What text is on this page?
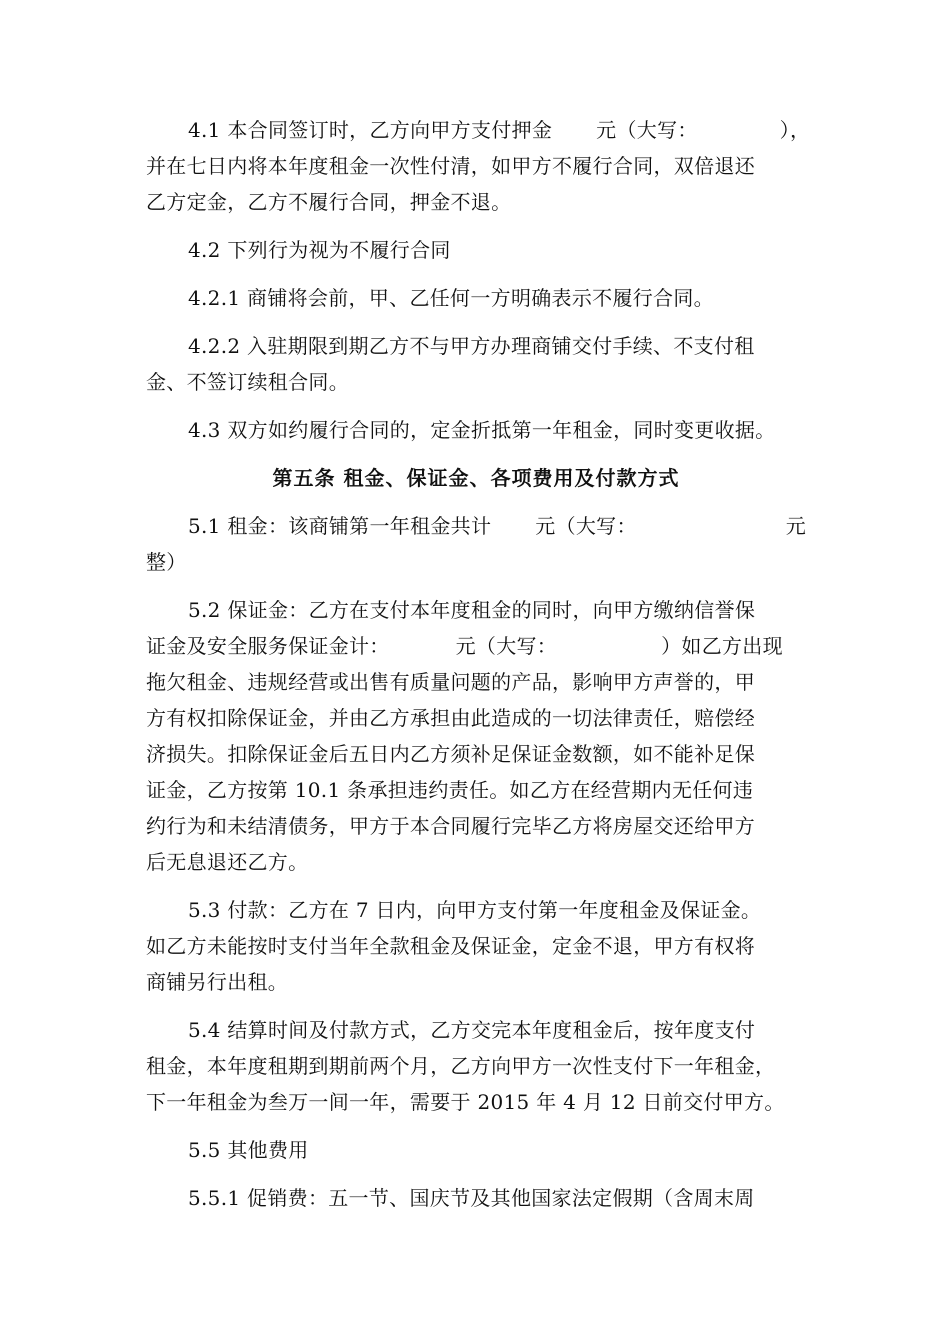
4.1 本合同签订时，乙方向甲方支付押金 元（大写：	），
并在七日内将本年度租金一次性付清，如甲方不履行合同，双倍退还
乙方定金，乙方不履行合同，押金不退。
4.2 下列行为视为不履行合同
4.2.1 商铺将会前，甲、乙任何一方明确表示不履行合同。
4.2.2 入驻期限到期乙方不与甲方办理商铺交付手续、不支付租
金、不签订续租合同。
4.3 双方如约履行合同的，定金折抵第一年租金，同时变更收据。
第五条 租金、保证金、各项费用及付款方式
5.1 租金：该商铺第一年租金共计 元（大写：	元
整）
5.2 保证金：乙方在支付本年度租金的同时，向甲方缴纳信誉保
证金及安全服务保证金计：	元（大写：	）如乙方出现
拖欠租金、违规经营或出售有质量问题的产品，影响甲方声誉的，甲
方有权扣除保证金，并由乙方承担由此造成的一切法律责任，赔偿经
济损失。扣除保证金后五日内乙方须补足保证金数额，如不能补足保
证金，乙方按第 10.1 条承担违约责任。如乙方在经营期内无任何违
约行为和未结清债务，甲方于本合同履行完毕乙方将房屋交还给甲方
后无息退还乙方。
5.3 付款：乙方在 7 日内，向甲方支付第一年度租金及保证金。
如乙方未能按时支付当年全款租金及保证金，定金不退，甲方有权将
商铺另行出租。
5.4 结算时间及付款方式，乙方交完本年度租金后，按年度支付
租金，本年度租期到期前两个月，乙方向甲方一次性支付下一年租金，
下一年租金为叁万一间一年，需要于 2015 年 4 月 12 日前交付甲方。
5.5 其他费用
5.5.1 促销费：五一节、国庆节及其他国家法定假期（含周末周
